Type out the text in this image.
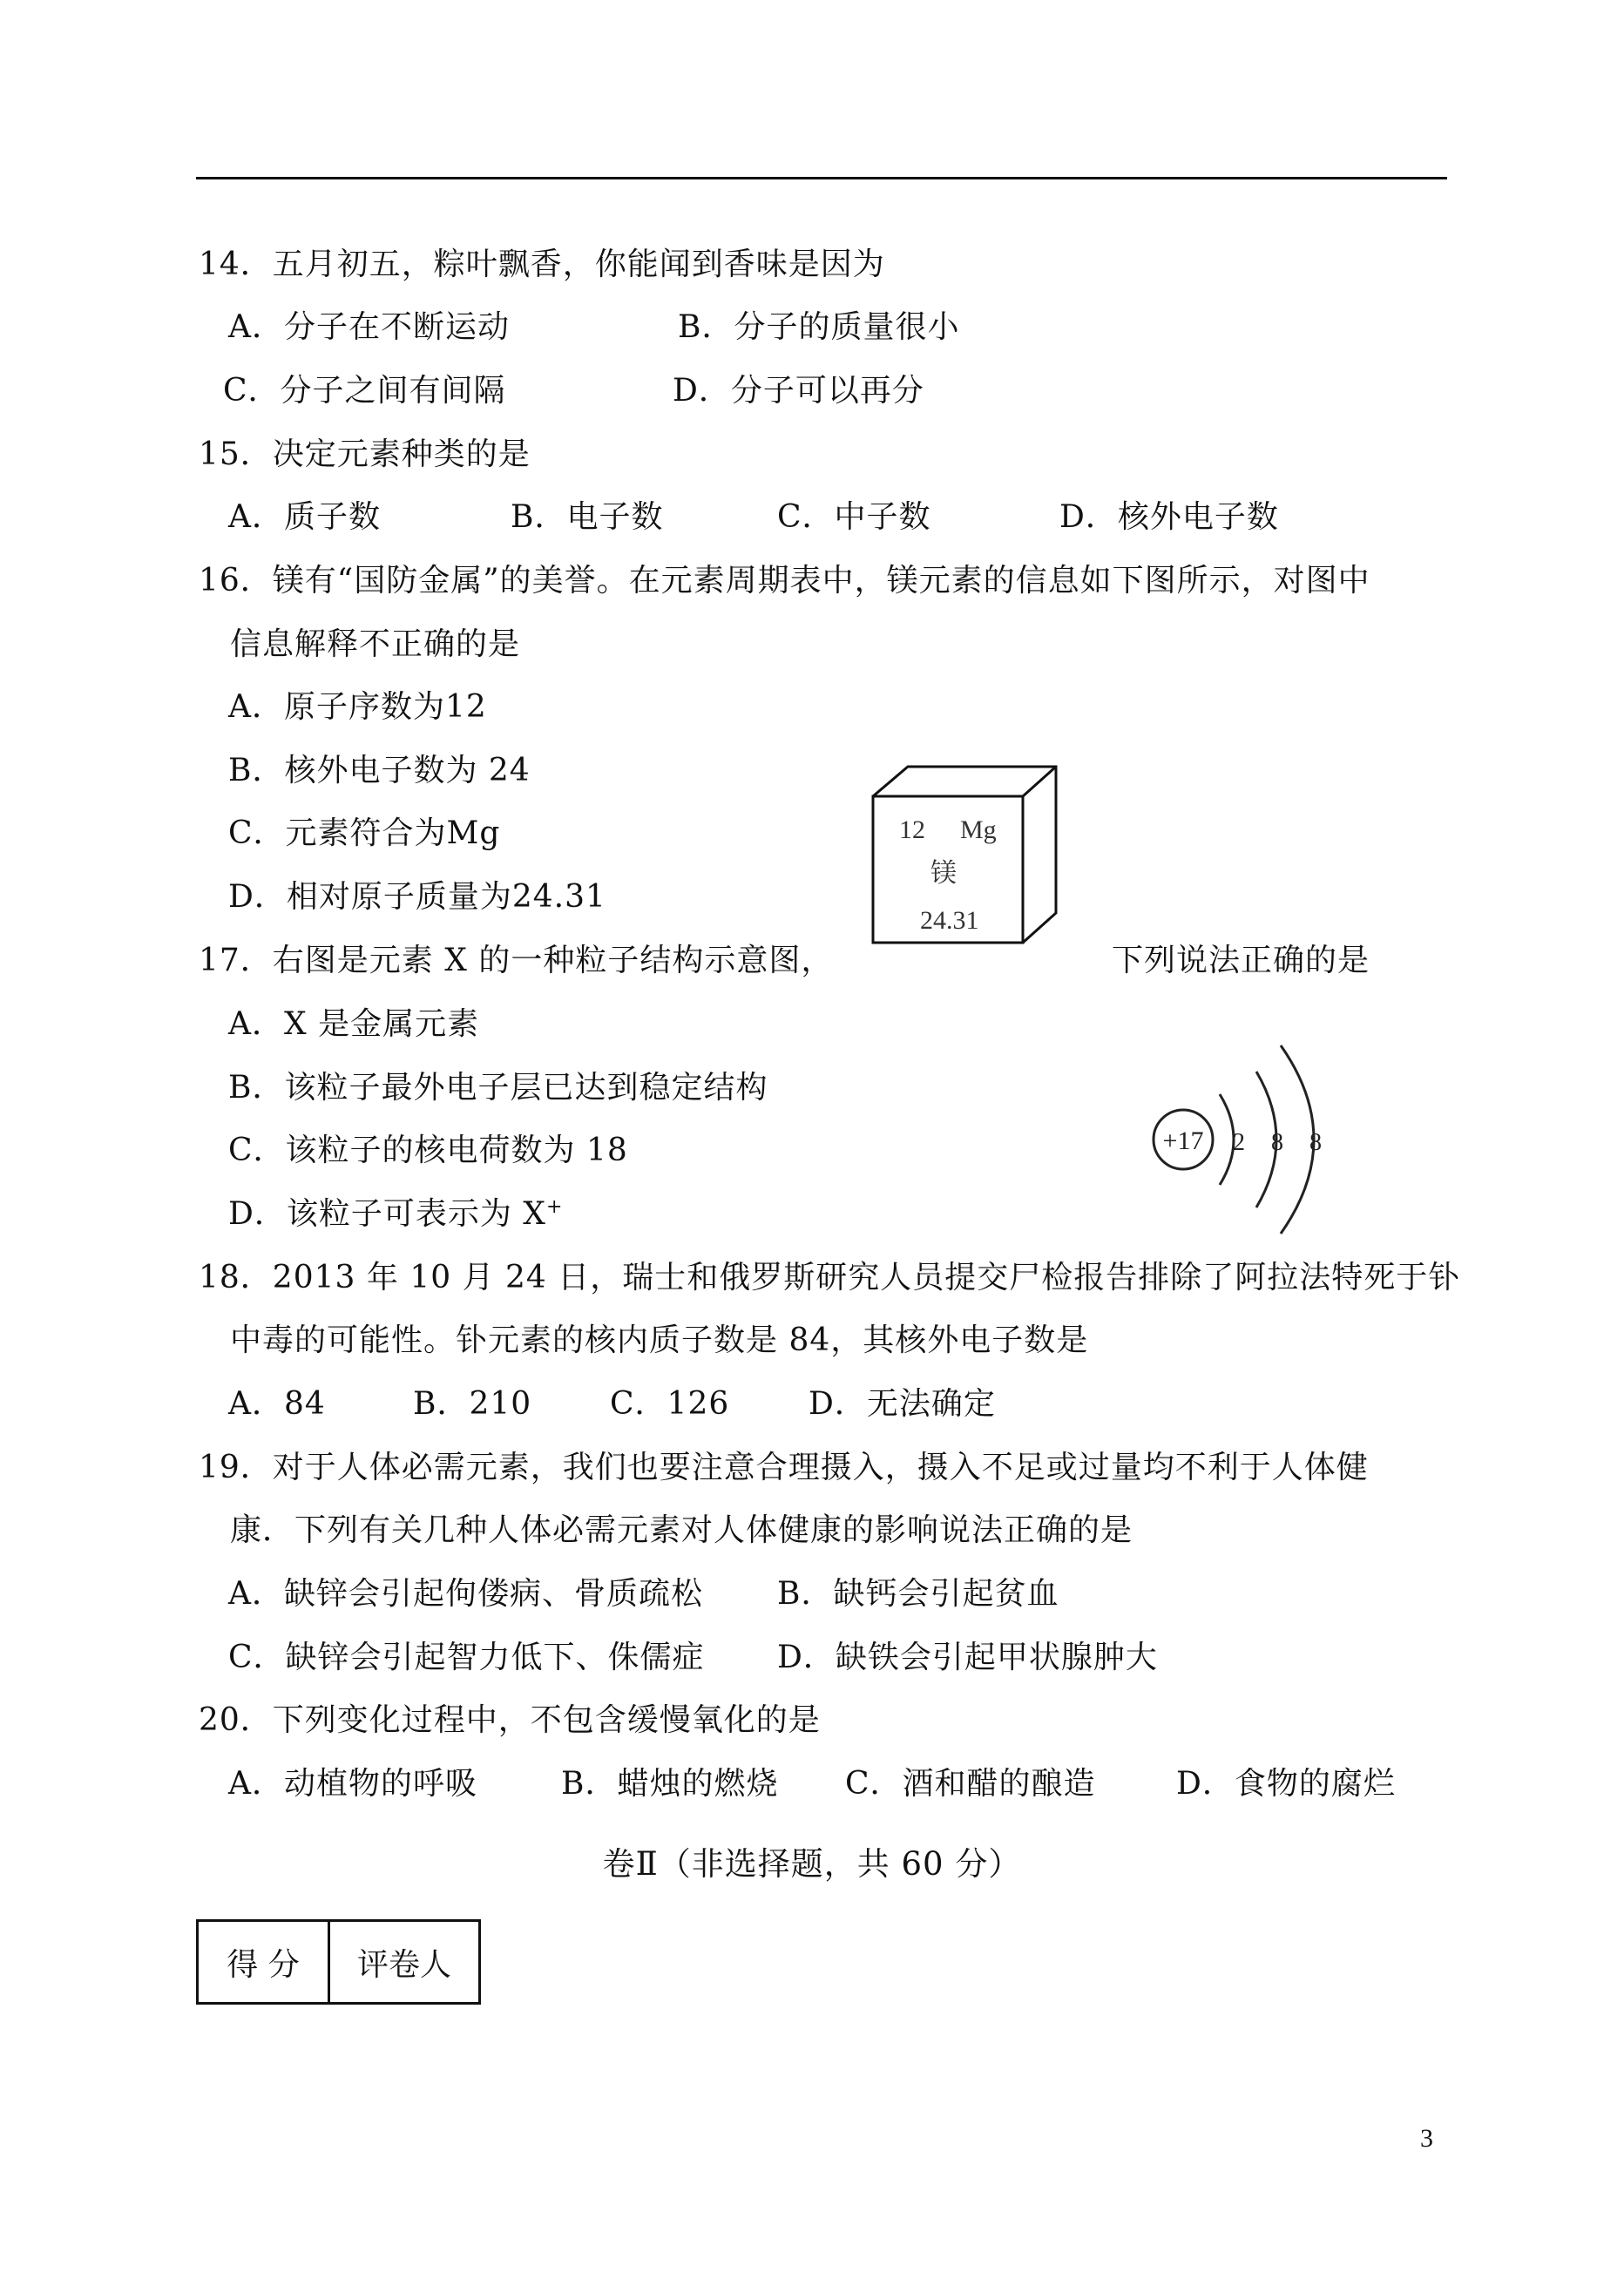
14．五月初五，粽叶飘香，你能闻到香味是因为
A．分子在不断运动	B．分子的质量很小
C．分子之间有间隔	D．分子可以再分
15．决定元素种类的是
A．质子数	B．电子数	C．中子数	D．核外电子数
16．镁有“国防金属”的美誉。在元素周期表中，镁元素的信息如下图所示，对图中
信息解释不正确的是
A．原子序数为12
B．核外电子数为 24
C．元素符合为Mg
D．相对原子质量为24.31
12 Mg
镁
24.31
17．右图是元素 X 的一种粒子结构示意图，	下列说法正确的是
A．X 是金属元素
B．该粒子最外电子层已达到稳定结构
C．该粒子的核电荷数为 18
D．该粒子可表示为 X+
+17 2 8 8
18．2013 年 10 月 24 日，瑞士和俄罗斯研究人员提交尸检报告排除了阿拉法特死于钋
中毒的可能性。钋元素的核内质子数是 84，其核外电子数是
A．84	B．210 C．126	D．无法确定
19．对于人体必需元素，我们也要注意合理摄入，摄入不足或过量均不利于人体健
康．下列有关几种人体必需元素对人体健康的影响说法正确的是
A．缺锌会引起佝偻病、骨质疏松 B．缺钙会引起贫血
C．缺锌会引起智力低下、侏儒症 D．缺铁会引起甲状腺肿大
20．下列变化过程中，不包含缓慢氧化的是
A．动植物的呼吸	B．蜡烛的燃烧 C．酒和醋的酿造	D．食物的腐烂
卷Ⅱ（非选择题，共 60 分）
得 分	评卷人
3
